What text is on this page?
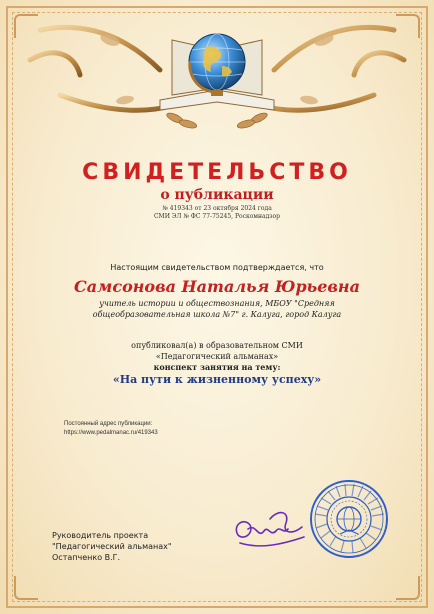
СВИДЕТЕЛЬСТВО
о публикации
№ 419343 от 23 октября 2024 года
СМИ ЭЛ № ФС 77-75245, Роскомнадзор
Настоящим свидетельством подтверждается, что
Самсонова Наталья Юрьевна
учитель истории и обществознания, МБОУ "Средняя
общеобразовательная школа №7" г. Калуга, город Калуга
опубликовал(а) в образовательном СМИ
«Педагогический альманах»
конспект занятия на тему:
«На пути к жизненному успеху»
Постоянный адрес публикации:
https://www.pedalmanac.ru/419343
Руководитель проекта
"Педагогический альманах"
Остапченко В.Г.
